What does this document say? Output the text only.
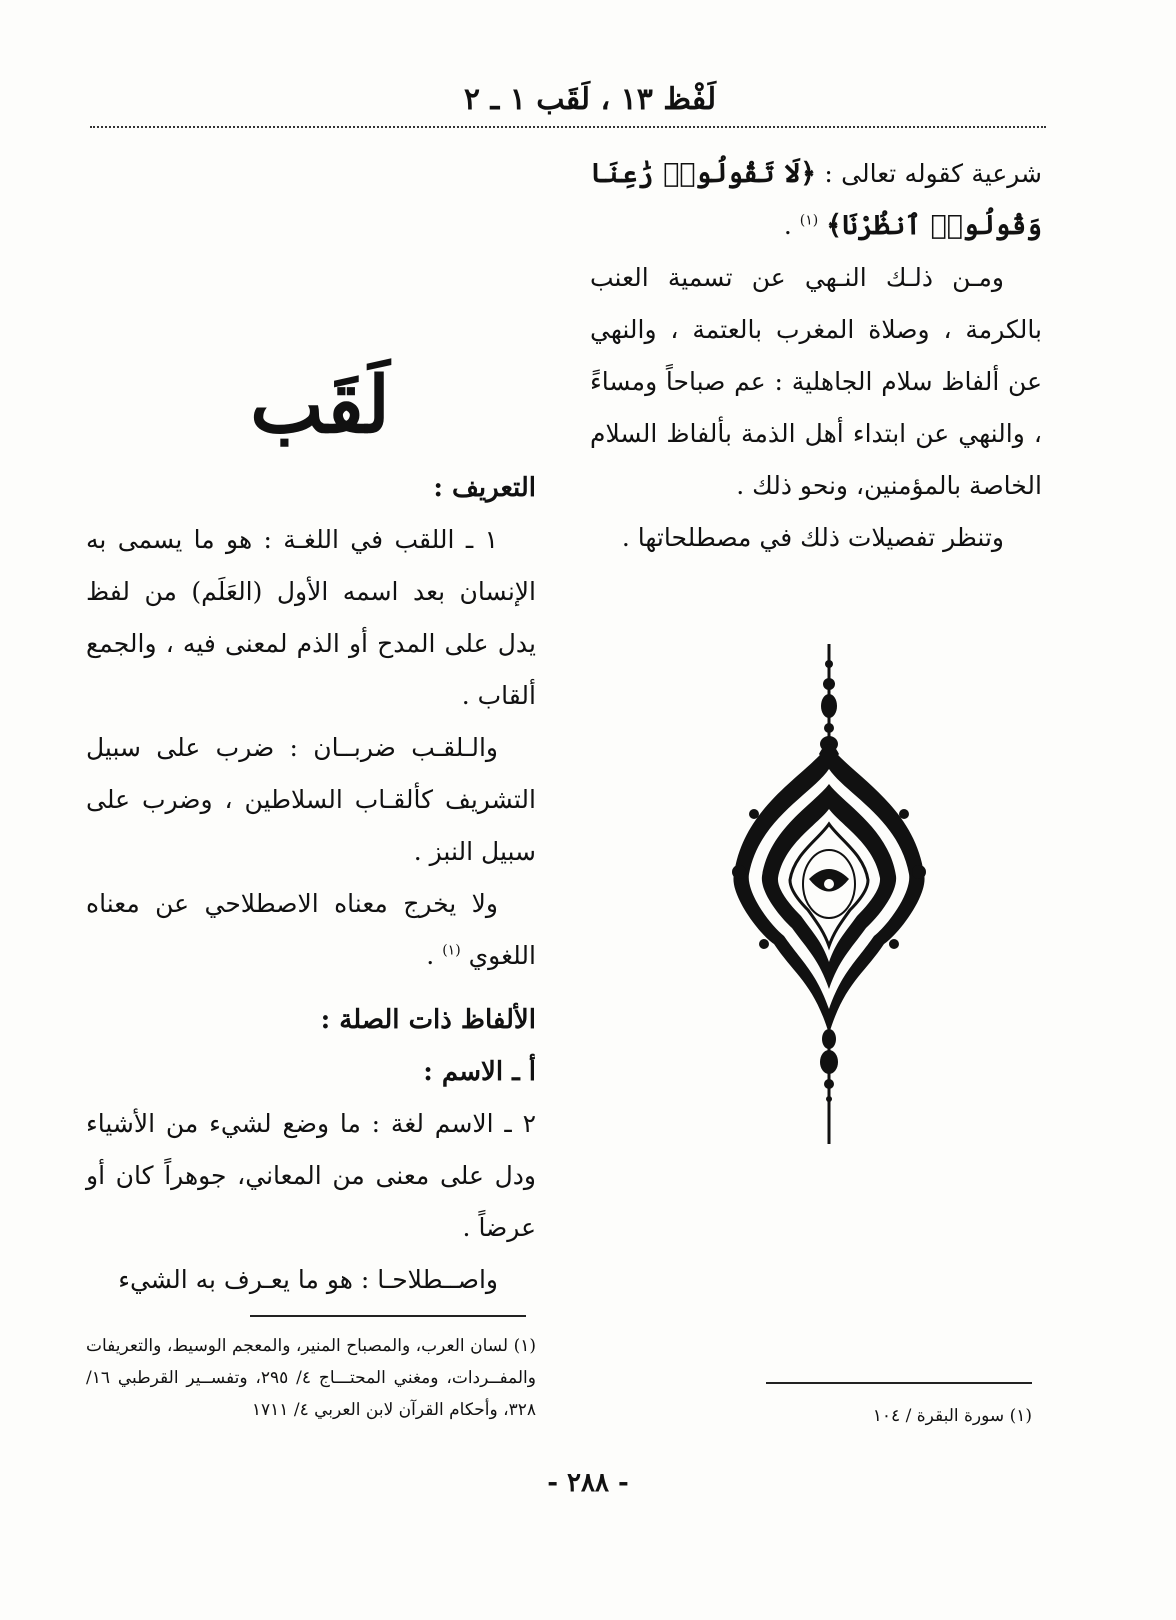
لَفْظ ١٣ ، لَقَب ١ ـ ٢

شرعية كقوله تعالى : ﴿لَا تَقُولُوا۟ رَٰعِنَا وَقُولُوا۟ ٱنظُرْنَا﴾ $^{(١)}$ .

ومـن ذلـك النـهي عن تسمية العنب بالكرمة ، وصلاة المغرب بالعتمة ، والنهي عن ألفاظ سلام الجاهلية : عم صباحاً ومساءً ، والنهي عن ابتداء أهل الذمة بألفاظ السلام الخاصة بالمؤمنين، ونحو ذلك .

وتنظر تفصيلات ذلك في مصطلحاتها .

لَقَب

التعريف :

١ ـ اللقب في اللغـة : هو ما يسمى به الإنسان بعد اسمه الأول (العَلَم) من لفظ يدل على المدح أو الذم لمعنى فيه ، والجمع ألقاب .

والـلقـب ضربــان : ضرب على سبيل التشريف كألقـاب السلاطين ، وضرب على سبيل النبز .

ولا يخرج معناه الاصطلاحي عن معناه اللغوي $^{(١)}$ .

الألفاظ ذات الصلة :

أ ـ الاسم :

٢ ـ الاسم لغة : ما وضع لشيء من الأشياء ودل على معنى من المعاني، جوهراً كان أو عرضاً .

واصــطلاحـا : هو ما يعـرف به الشيء

(١) لسان العرب، والمصباح المنير، والمعجم الوسيط، والتعريفات والمفــردات، ومغني المحتـــاج ٤/ ٢٩٥، وتفســير القرطبي ١٦/ ٣٢٨، وأحكام القرآن لابن العربي ٤/ ١٧١١	(١) سورة البقرة / ١٠٤

- ٢٨٨ -
